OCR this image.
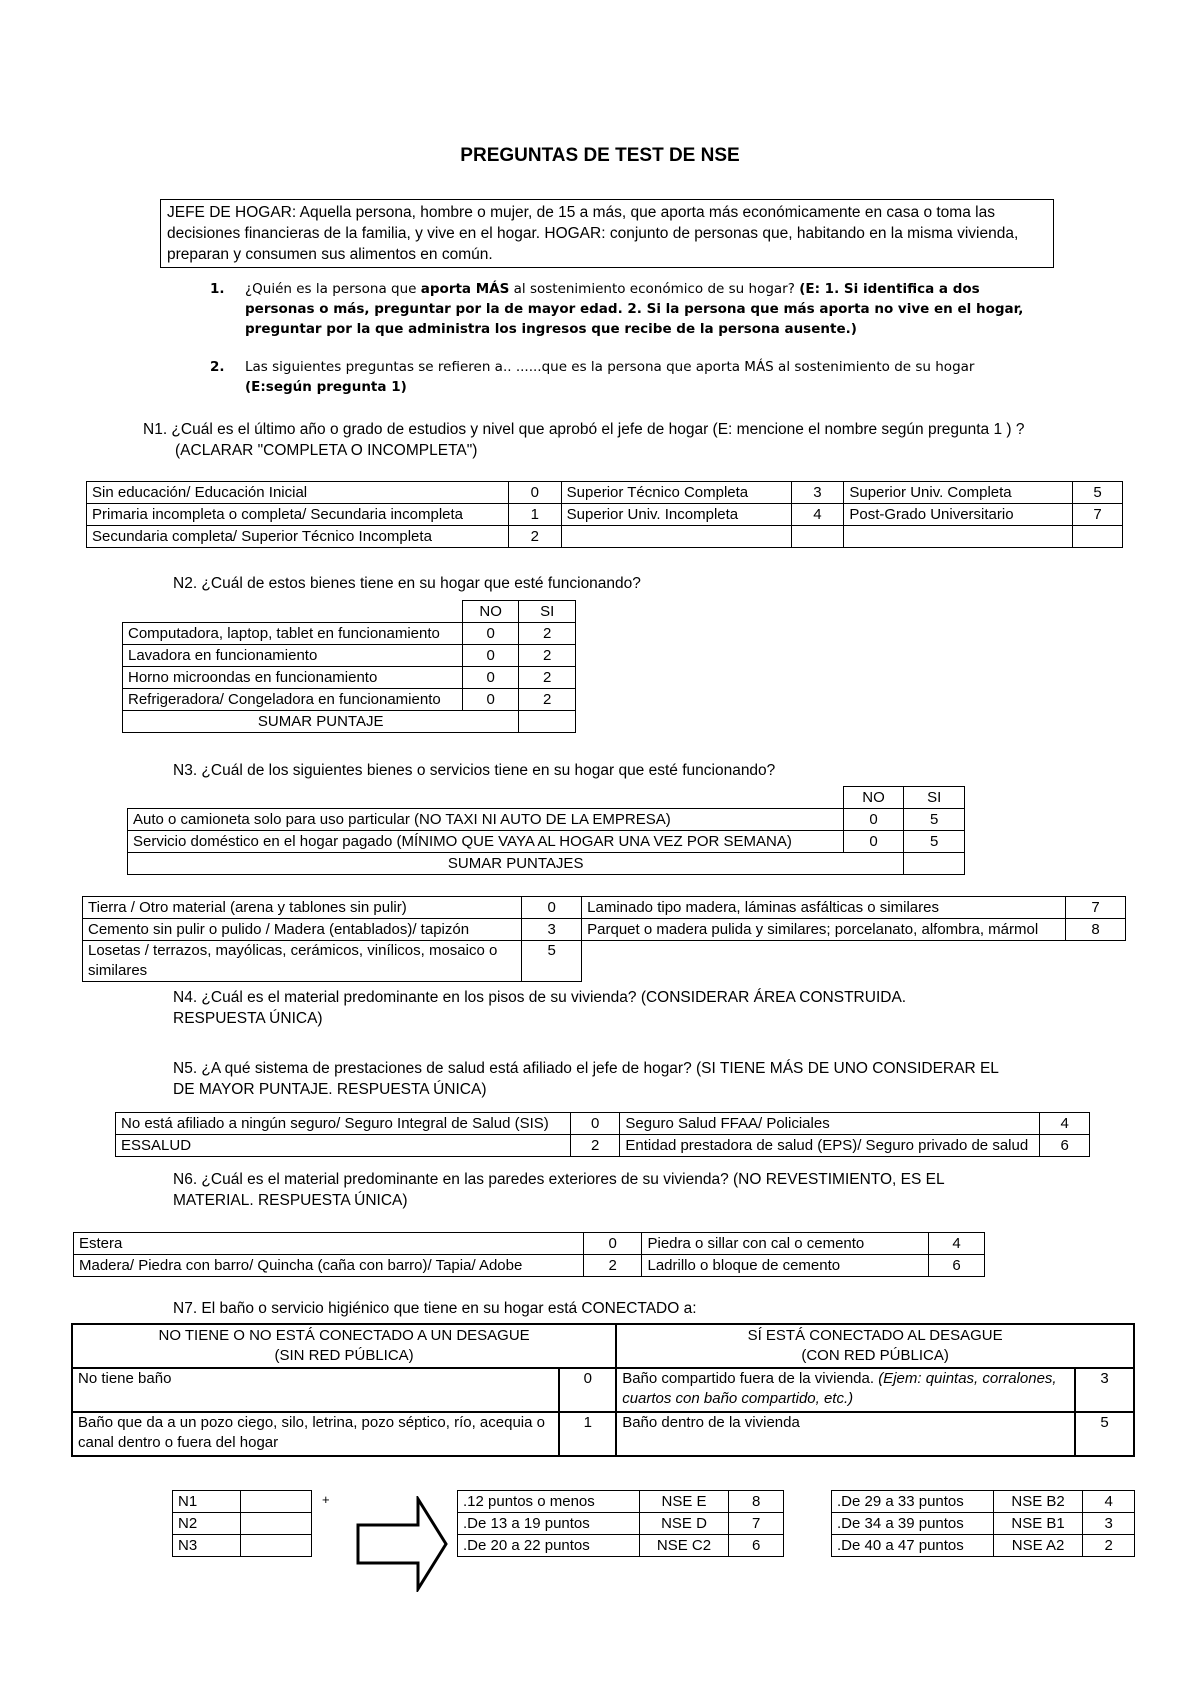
PREGUNTAS DE TEST DE NSE
JEFE DE HOGAR: Aquella persona, hombre o mujer, de 15 a más, que aporta más económicamente en casa o toma las decisiones financieras de la familia, y vive en el hogar. HOGAR: conjunto de personas que, habitando en la misma vivienda, preparan y consumen sus alimentos en común.
1. ¿Quién es la persona que aporta MÁS al sostenimiento económico de su hogar? (E: 1. Si identifica a dos personas o más, preguntar por la de mayor edad. 2. Si la persona que más aporta no vive en el hogar, preguntar por la que administra los ingresos que recibe de la persona ausente.)
2. Las siguientes preguntas se refieren a.. ......que es la persona que aporta MÁS al sostenimiento de su hogar
(E:según pregunta 1)
N1. ¿Cuál es el último año o grado de estudios y nivel que aprobó el jefe de hogar (E: mencione el nombre según pregunta 1 ) ?
(ACLARAR "COMPLETA O INCOMPLETA")
Sin educación/ Educación Inicial	0	Superior Técnico Completa	3	Superior Univ. Completa	5
Primaria incompleta o completa/ Secundaria incompleta	1	Superior Univ. Incompleta	4	Post-Grado Universitario	7
Secundaria completa/ Superior Técnico Incompleta	2				
N2. ¿Cuál de estos bienes tiene en su hogar que esté funcionando?
	NO	SI
Computadora, laptop, tablet en funcionamiento	0	2
Lavadora en funcionamiento	0	2
Horno microondas en funcionamiento	0	2
Refrigeradora/ Congeladora en funcionamiento	0	2
SUMAR PUNTAJE		
N3. ¿Cuál de los siguientes bienes o servicios tiene en su hogar que esté funcionando?
	NO	SI
Auto o camioneta solo para uso particular (NO TAXI NI AUTO DE LA EMPRESA)	0	5
Servicio doméstico en el hogar pagado (MÍNIMO QUE VAYA AL HOGAR UNA VEZ POR SEMANA)	0	5
SUMAR PUNTAJES		
Tierra / Otro material (arena y tablones sin pulir)	0	Laminado tipo madera, láminas asfálticas o similares	7
Cemento sin pulir o pulido / Madera (entablados)/ tapizón	3	Parquet o madera pulida y similares; porcelanato, alfombra, mármol	8
Losetas / terrazos, mayólicas, cerámicos, vinílicos, mosaico o similares	5		
N4. ¿Cuál es el material predominante en los pisos de su vivienda? (CONSIDERAR ÁREA CONSTRUIDA. RESPUESTA ÚNICA)
N5. ¿A qué sistema de prestaciones de salud está afiliado el jefe de hogar? (SI TIENE MÁS DE UNO CONSIDERAR EL DE MAYOR PUNTAJE. RESPUESTA ÚNICA)
No está afiliado a ningún seguro/ Seguro Integral de Salud (SIS)	0	Seguro Salud FFAA/ Policiales	4
ESSALUD	2	Entidad prestadora de salud (EPS)/ Seguro privado de salud	6
N6. ¿Cuál es el material predominante en las paredes exteriores de su vivienda? (NO REVESTIMIENTO, ES EL MATERIAL. RESPUESTA ÚNICA)
Estera	0	Piedra o sillar con cal o cemento	4
Madera/ Piedra con barro/ Quincha (caña con barro)/ Tapia/ Adobe	2	Ladrillo o bloque de cemento	6
N7. El baño o servicio higiénico que tiene en su hogar está CONECTADO a:
NO TIENE O NO ESTÁ CONECTADO A UN DESAGUE
(SIN RED PÚBLICA)		SÍ ESTÁ CONECTADO AL DESAGUE
(CON RED PÚBLICA)	
No tiene baño	0	Baño compartido fuera de la vivienda. (Ejem: quintas, corralones, cuartos con baño compartido, etc.)	3
Baño que da a un pozo ciego, silo, letrina, pozo séptico, río, acequia o canal dentro o fuera del hogar	1	Baño dentro de la vivienda	5
N1	
N2	
N3	
+	.12 puntos o menos	NSE E	8
.De 13 a 19 puntos	NSE D	7
.De 20 a 22 puntos	NSE C2	6
.De 29 a 33 puntos	NSE B2	4
.De 34 a 39 puntos	NSE B1	3
.De 40 a 47 puntos	NSE A2	2
